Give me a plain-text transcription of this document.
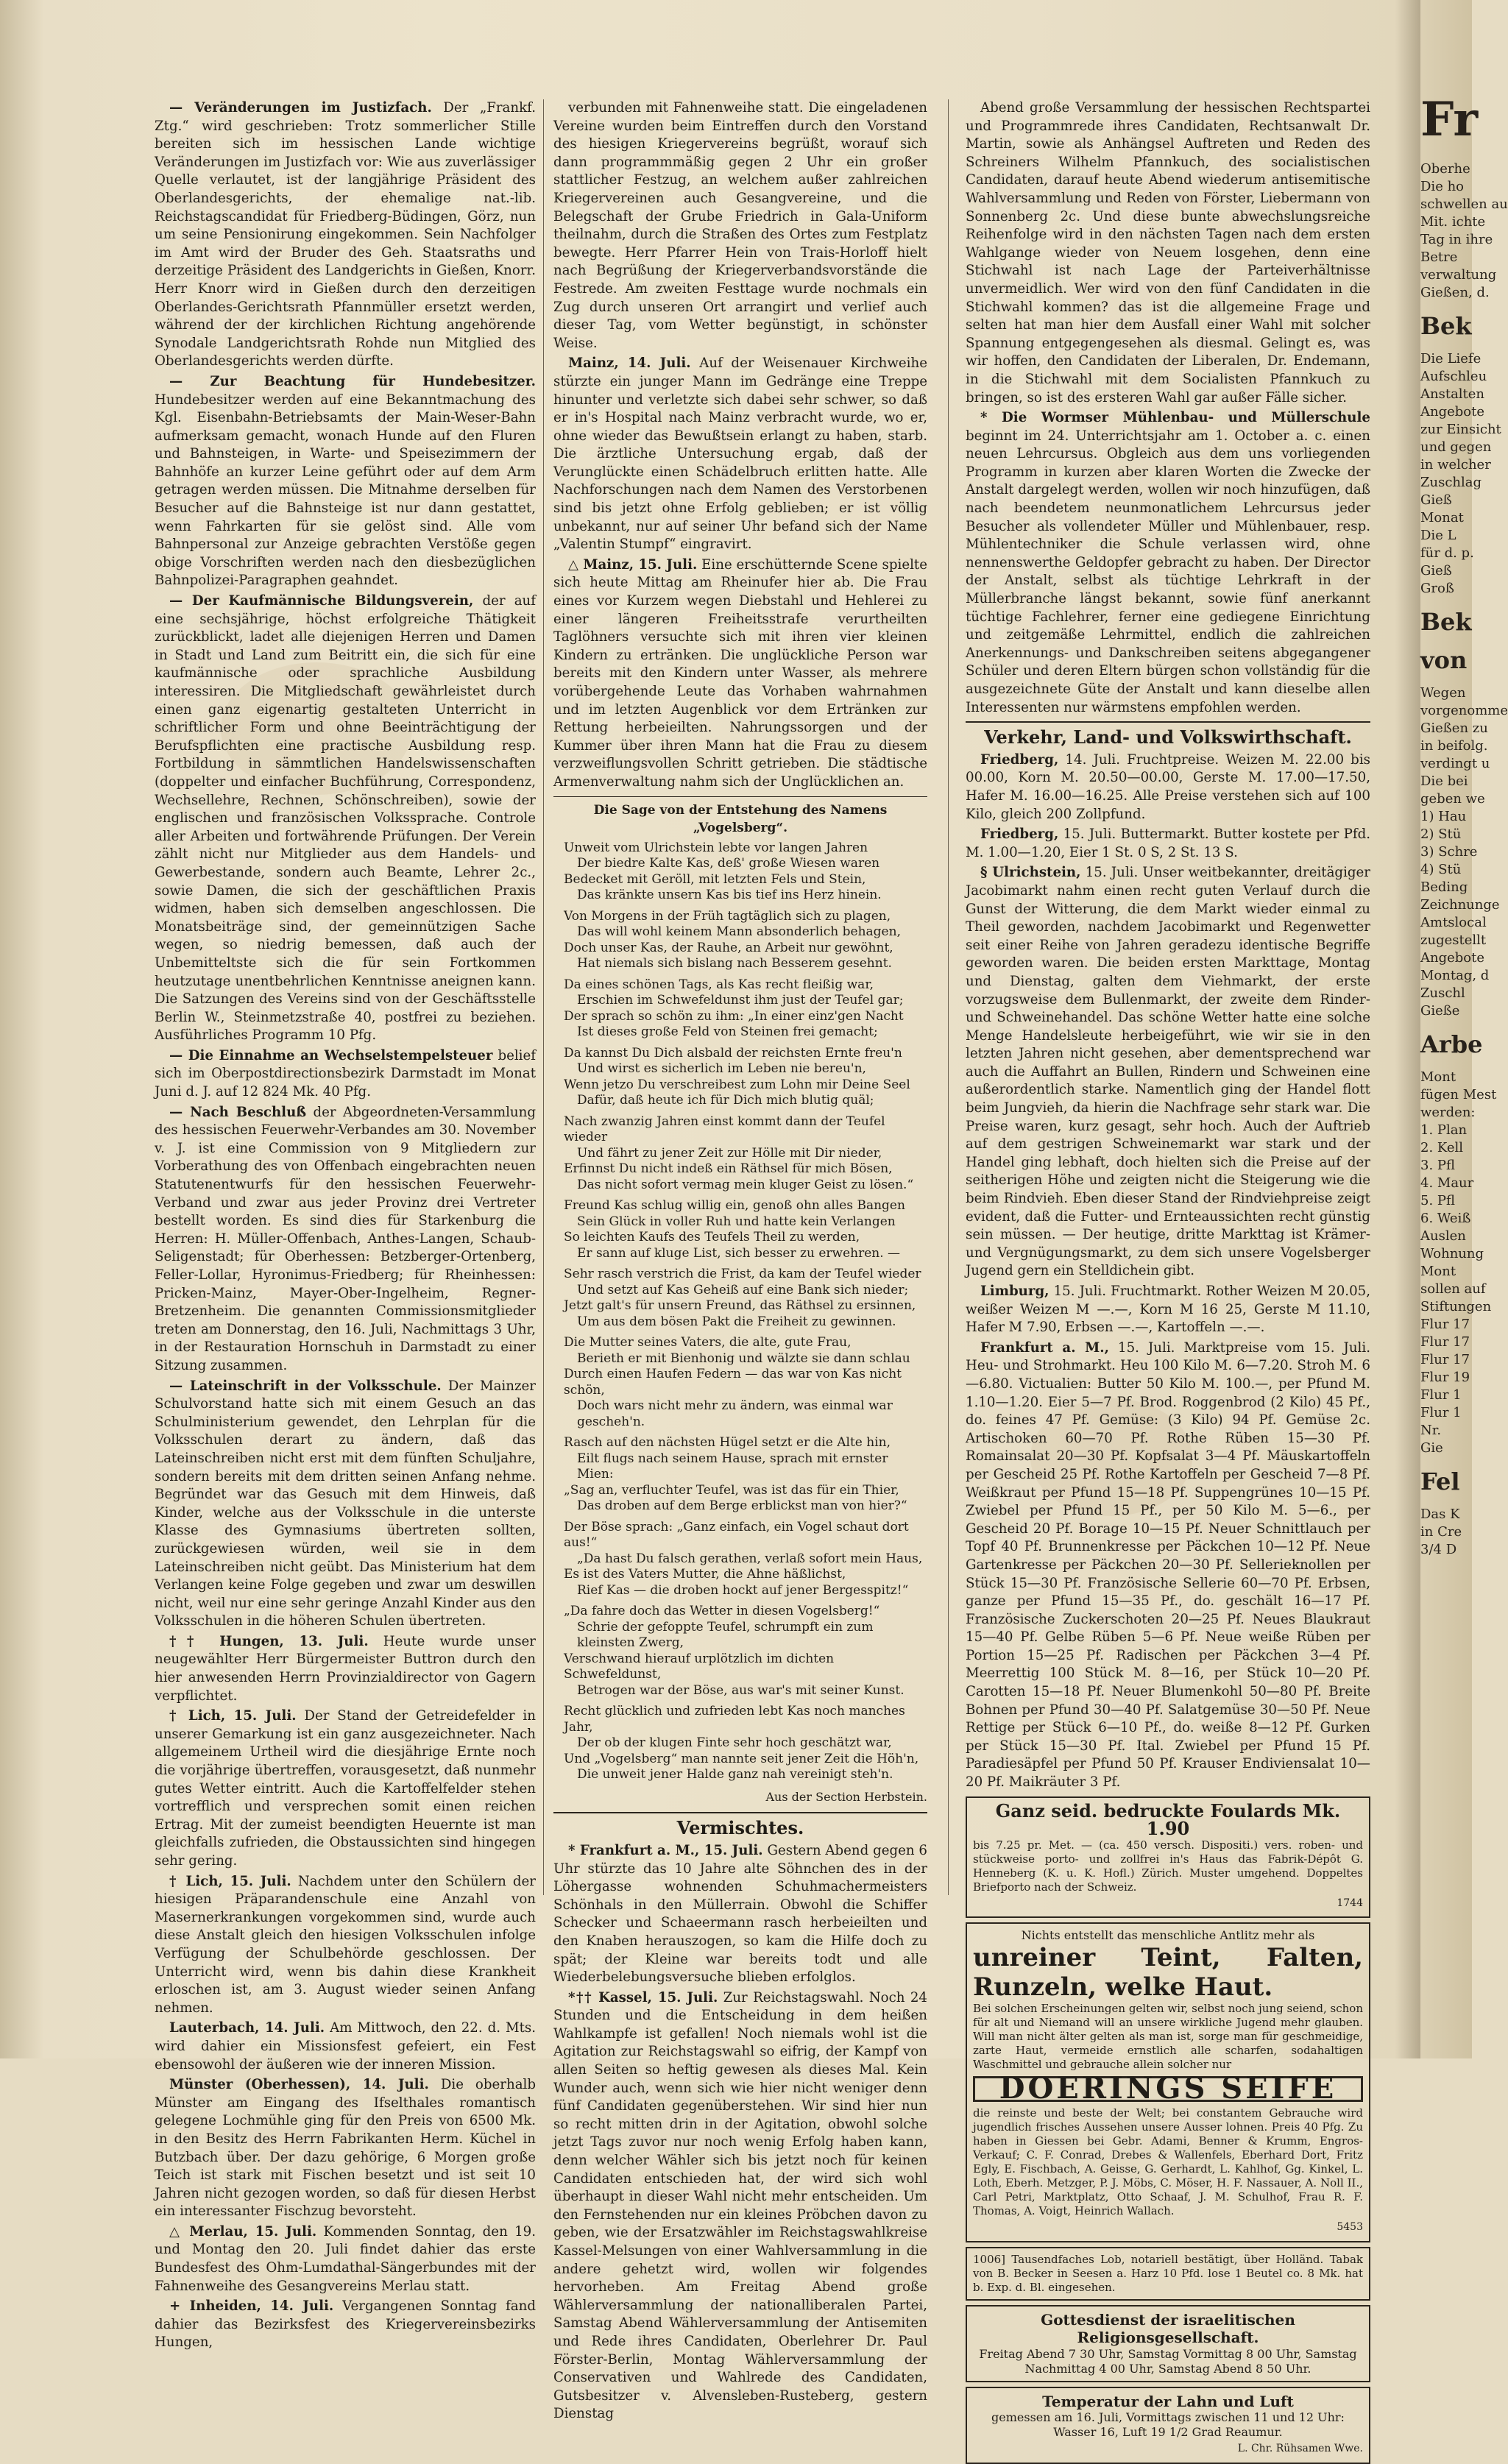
— Veränderungen im Justizfach. Der „Frankf. Ztg.“ wird geschrieben: Trotz sommerlicher Stille bereiten sich im hessischen Lande wichtige Veränderungen im Justizfach vor: Wie aus zuverlässiger Quelle verlautet, ist der langjährige Präsident des Oberlandesgerichts, der ehemalige nat.-lib. Reichstagscandidat für Friedberg-Büdingen, Görz, nun um seine Pensionirung eingekommen. Sein Nachfolger im Amt wird der Bruder des Geh. Staatsraths und derzeitige Präsident des Landgerichts in Gießen, Knorr. Herr Knorr wird in Gießen durch den derzeitigen Oberlandes-Gerichtsrath Pfannmüller ersetzt werden, während der der kirchlichen Richtung angehörende Synodale Landgerichtsrath Rohde nun Mitglied des Oberlandesgerichts werden dürfte.

— Zur Beachtung für Hundebesitzer. Hundebesitzer werden auf eine Bekanntmachung des Kgl. Eisenbahn-Betriebsamts der Main-Weser-Bahn aufmerksam gemacht, wonach Hunde auf den Fluren und Bahnsteigen, in Warte- und Speisezimmern der Bahnhöfe an kurzer Leine geführt oder auf dem Arm getragen werden müssen. Die Mitnahme derselben für Besucher auf die Bahnsteige ist nur dann gestattet, wenn Fahrkarten für sie gelöst sind. Alle vom Bahnpersonal zur Anzeige gebrachten Verstöße gegen obige Vorschriften werden nach den diesbezüglichen Bahnpolizei-Paragraphen geahndet.

— Der Kaufmännische Bildungsverein, der auf eine sechsjährige, höchst erfolgreiche Thätigkeit zurückblickt, ladet alle diejenigen Herren und Damen in Stadt und Land zum Beitritt ein, die sich für eine kaufmännische oder sprachliche Ausbildung interessiren. Die Mitgliedschaft gewährleistet durch einen ganz eigenartig gestalteten Unterricht in schriftlicher Form und ohne Beeinträchtigung der Berufspflichten eine practische Ausbildung resp. Fortbildung in sämmtlichen Handelswissenschaften (doppelter und einfacher Buchführung, Correspondenz, Wechsellehre, Rechnen, Schönschreiben), sowie der englischen und französischen Volkssprache. Controle aller Arbeiten und fortwährende Prüfungen. Der Verein zählt nicht nur Mitglieder aus dem Handels- und Gewerbestande, sondern auch Beamte, Lehrer 2c., sowie Damen, die sich der geschäftlichen Praxis widmen, haben sich demselben angeschlossen. Die Monatsbeiträge sind, der gemeinnützigen Sache wegen, so niedrig bemessen, daß auch der Unbemitteltste sich die für sein Fortkommen heutzutage unentbehrlichen Kenntnisse aneignen kann. Die Satzungen des Vereins sind von der Geschäftsstelle Berlin W., Steinmetzstraße 40, postfrei zu beziehen. Ausführliches Programm 10 Pfg.

— Die Einnahme an Wechselstempelsteuer belief sich im Oberpostdirectionsbezirk Darmstadt im Monat Juni d. J. auf 12 824 Mk. 40 Pfg.

— Nach Beschluß der Abgeordneten-Versammlung des hessischen Feuerwehr-Verbandes am 30. November v. J. ist eine Commission von 9 Mitgliedern zur Vorberathung des von Offenbach eingebrachten neuen Statutenentwurfs für den hessischen Feuerwehr-Verband und zwar aus jeder Provinz drei Vertreter bestellt worden. Es sind dies für Starkenburg die Herren: H. Müller-Offenbach, Anthes-Langen, Schaub-Seligenstadt; für Oberhessen: Betzberger-Ortenberg, Feller-Lollar, Hyronimus-Friedberg; für Rheinhessen: Pricken-Mainz, Mayer-Ober-Ingelheim, Regner-Bretzenheim. Die genannten Commissionsmitglieder treten am Donnerstag, den 16. Juli, Nachmittags 3 Uhr, in der Restauration Hornschuh in Darmstadt zu einer Sitzung zusammen.

— Lateinschrift in der Volksschule. Der Mainzer Schulvorstand hatte sich mit einem Gesuch an das Schulministerium gewendet, den Lehrplan für die Volksschulen derart zu ändern, daß das Lateinschreiben nicht erst mit dem fünften Schuljahre, sondern bereits mit dem dritten seinen Anfang nehme. Begründet war das Gesuch mit dem Hinweis, daß Kinder, welche aus der Volksschule in die unterste Klasse des Gymnasiums übertreten sollten, zurückgewiesen würden, weil sie in dem Lateinschreiben nicht geübt. Das Ministerium hat dem Verlangen keine Folge gegeben und zwar um deswillen nicht, weil nur eine sehr geringe Anzahl Kinder aus den Volksschulen in die höheren Schulen übertreten.

†† Hungen, 13. Juli. Heute wurde unser neugewählter Herr Bürgermeister Buttron durch den hier anwesenden Herrn Provinzialdirector von Gagern verpflichtet.

† Lich, 15. Juli. Der Stand der Getreidefelder in unserer Gemarkung ist ein ganz ausgezeichneter. Nach allgemeinem Urtheil wird die diesjährige Ernte noch die vorjährige übertreffen, vorausgesetzt, daß nunmehr gutes Wetter eintritt. Auch die Kartoffelfelder stehen vortrefflich und versprechen somit einen reichen Ertrag. Mit der zumeist beendigten Heuernte ist man gleichfalls zufrieden, die Obstaussichten sind hingegen sehr gering.

† Lich, 15. Juli. Nachdem unter den Schülern der hiesigen Präparandenschule eine Anzahl von Masernerkrankungen vorgekommen sind, wurde auch diese Anstalt gleich den hiesigen Volksschulen infolge Verfügung der Schulbehörde geschlossen. Der Unterricht wird, wenn bis dahin diese Krankheit erloschen ist, am 3. August wieder seinen Anfang nehmen.

Lauterbach, 14. Juli. Am Mittwoch, den 22. d. Mts. wird dahier ein Missionsfest gefeiert, ein Fest ebensowohl der äußeren wie der inneren Mission.

Münster (Oberhessen), 14. Juli. Die oberhalb Münster am Eingang des Ifselthales romantisch gelegene Lochmühle ging für den Preis von 6500 Mk. in den Besitz des Herrn Fabrikanten Herm. Küchel in Butzbach über. Der dazu gehörige, 6 Morgen große Teich ist stark mit Fischen besetzt und ist seit 10 Jahren nicht gezogen worden, so daß für diesen Herbst ein interessanter Fischzug bevorsteht.

△ Merlau, 15. Juli. Kommenden Sonntag, den 19. und Montag den 20. Juli findet dahier das erste Bundesfest des Ohm-Lumdathal-Sängerbundes mit der Fahnenweihe des Gesangvereins Merlau statt.

+ Inheiden, 14. Juli. Vergangenen Sonntag fand dahier das Bezirksfest des Kriegervereinsbezirks Hungen,

verbunden mit Fahnenweihe statt. Die eingeladenen Vereine wurden beim Eintreffen durch den Vorstand des hiesigen Kriegervereins begrüßt, worauf sich dann programmmäßig gegen 2 Uhr ein großer stattlicher Festzug, an welchem außer zahlreichen Kriegervereinen auch Gesangvereine, und die Belegschaft der Grube Friedrich in Gala-Uniform theilnahm, durch die Straßen des Ortes zum Festplatz bewegte. Herr Pfarrer Hein von Trais-Horloff hielt nach Begrüßung der Kriegerverbandsvorstände die Festrede. Am zweiten Festtage wurde nochmals ein Zug durch unseren Ort arrangirt und verlief auch dieser Tag, vom Wetter begünstigt, in schönster Weise.

Mainz, 14. Juli. Auf der Weisenauer Kirchweihe stürzte ein junger Mann im Gedränge eine Treppe hinunter und verletzte sich dabei sehr schwer, so daß er in's Hospital nach Mainz verbracht wurde, wo er, ohne wieder das Bewußtsein erlangt zu haben, starb. Die ärztliche Untersuchung ergab, daß der Verunglückte einen Schädelbruch erlitten hatte. Alle Nachforschungen nach dem Namen des Verstorbenen sind bis jetzt ohne Erfolg geblieben; er ist völlig unbekannt, nur auf seiner Uhr befand sich der Name „Valentin Stumpf“ eingravirt.

△ Mainz, 15. Juli. Eine erschütternde Scene spielte sich heute Mittag am Rheinufer hier ab. Die Frau eines vor Kurzem wegen Diebstahl und Hehlerei zu einer längeren Freiheitsstrafe verurtheilten Taglöhners versuchte sich mit ihren vier kleinen Kindern zu ertränken. Die unglückliche Person war bereits mit den Kindern unter Wasser, als mehrere vorübergehende Leute das Vorhaben wahrnahmen und im letzten Augenblick vor dem Ertränken zur Rettung herbeieilten. Nahrungssorgen und der Kummer über ihren Mann hat die Frau zu diesem verzweiflungsvollen Schritt getrieben. Die städtische Armenverwaltung nahm sich der Unglücklichen an.

Die Sage von der Entstehung des Namens „Vogelsberg“.
Unweit vom Ulrichstein lebte vor langen Jahren
Der biedre Kalte Kas, deß' große Wiesen waren
Bedecket mit Geröll, mit letzten Fels und Stein,
Das kränkte unsern Kas bis tief ins Herz hinein.
Von Morgens in der Früh tagtäglich sich zu plagen,
Das will wohl keinem Mann absonderlich behagen,
Doch unser Kas, der Rauhe, an Arbeit nur gewöhnt,
Hat niemals sich bislang nach Besserem gesehnt.
Da eines schönen Tags, als Kas recht fleißig war,
Erschien im Schwefeldunst ihm just der Teufel gar;
Der sprach so schön zu ihm: „In einer einz'gen Nacht
Ist dieses große Feld von Steinen frei gemacht;
Da kannst Du Dich alsbald der reichsten Ernte freu'n
Und wirst es sicherlich im Leben nie bereu'n,
Wenn jetzo Du verschreibest zum Lohn mir Deine Seel
Dafür, daß heute ich für Dich mich blutig quäl;
Nach zwanzig Jahren einst kommt dann der Teufel wieder
Und fährt zu jener Zeit zur Hölle mit Dir nieder,
Erfinnst Du nicht indeß ein Räthsel für mich Bösen,
Das nicht sofort vermag mein kluger Geist zu lösen.“
Freund Kas schlug willig ein, genoß ohn alles Bangen
Sein Glück in voller Ruh und hatte kein Verlangen
So leichten Kaufs des Teufels Theil zu werden,
Er sann auf kluge List, sich besser zu erwehren. —
Sehr rasch verstrich die Frist, da kam der Teufel wieder
Und setzt auf Kas Geheiß auf eine Bank sich nieder;
Jetzt galt's für unsern Freund, das Räthsel zu ersinnen,
Um aus dem bösen Pakt die Freiheit zu gewinnen.
Die Mutter seines Vaters, die alte, gute Frau,
Berieth er mit Bienhonig und wälzte sie dann schlau
Durch einen Haufen Federn — das war von Kas nicht schön,
Doch wars nicht mehr zu ändern, was einmal war gescheh'n.
Rasch auf den nächsten Hügel setzt er die Alte hin,
Eilt flugs nach seinem Hause, sprach mit ernster Mien:
„Sag an, verfluchter Teufel, was ist das für ein Thier,
Das droben auf dem Berge erblickst man von hier?“
Der Böse sprach: „Ganz einfach, ein Vogel schaut dort aus!“
„Da hast Du falsch gerathen, verlaß sofort mein Haus,
Es ist des Vaters Mutter, die Ahne häßlichst,
Rief Kas — die droben hockt auf jener Bergesspitz!“
„Da fahre doch das Wetter in diesen Vogelsberg!“
Schrie der gefoppte Teufel, schrumpft ein zum kleinsten Zwerg,
Verschwand hierauf urplötzlich im dichten Schwefeldunst,
Betrogen war der Böse, aus war's mit seiner Kunst.
Recht glücklich und zufrieden lebt Kas noch manches Jahr,
Der ob der klugen Finte sehr hoch geschätzt war,
Und „Vogelsberg“ man nannte seit jener Zeit die Höh'n,
Die unweit jener Halde ganz nah vereinigt steh'n.
Aus der Section Herbstein.
Vermischtes.

* Frankfurt a. M., 15. Juli. Gestern Abend gegen 6 Uhr stürzte das 10 Jahre alte Söhnchen des in der Löhergasse wohnenden Schuhmachermeisters Schönhals in den Müllerrain. Obwohl die Schiffer Schecker und Schaeermann rasch herbeieilten und den Knaben herauszogen, so kam die Hilfe doch zu spät; der Kleine war bereits todt und alle Wiederbelebungsversuche blieben erfolglos.

*†† Kassel, 15. Juli. Zur Reichstagswahl. Noch 24 Stunden und die Entscheidung in dem heißen Wahlkampfe ist gefallen! Noch niemals wohl ist die Agitation zur Reichstagswahl so eifrig, der Kampf von allen Seiten so heftig gewesen als dieses Mal. Kein Wunder auch, wenn sich wie hier nicht weniger denn fünf Candidaten gegenüberstehen. Wir sind hier nun so recht mitten drin in der Agitation, obwohl solche jetzt Tags zuvor nur noch wenig Erfolg haben kann, denn welcher Wähler sich bis jetzt noch für keinen Candidaten entschieden hat, der wird sich wohl überhaupt in dieser Wahl nicht mehr entscheiden. Um den Fernstehenden nur ein kleines Pröbchen davon zu geben, wie der Ersatzwähler im Reichstagswahlkreise Kassel-Melsungen von einer Wahlversammlung in die andere gehetzt wird, wollen wir folgendes hervorheben. Am Freitag Abend große Wählerversammlung der nationalliberalen Partei, Samstag Abend Wählerversammlung der Antisemiten und Rede ihres Candidaten, Oberlehrer Dr. Paul Förster-Berlin, Montag Wählerversammlung der Conservativen und Wahlrede des Candidaten, Gutsbesitzer v. Alvensleben-Rusteberg, gestern Dienstag

Abend große Versammlung der hessischen Rechtspartei und Programmrede ihres Candidaten, Rechtsanwalt Dr. Martin, sowie als Anhängsel Auftreten und Reden des Schreiners Wilhelm Pfannkuch, des socialistischen Candidaten, darauf heute Abend wiederum antisemitische Wahlversammlung und Reden von Förster, Liebermann von Sonnenberg 2c. Und diese bunte abwechslungsreiche Reihenfolge wird in den nächsten Tagen nach dem ersten Wahlgange wieder von Neuem losgehen, denn eine Stichwahl ist nach Lage der Parteiverhältnisse unvermeidlich. Wer wird von den fünf Candidaten in die Stichwahl kommen? das ist die allgemeine Frage und selten hat man hier dem Ausfall einer Wahl mit solcher Spannung entgegengesehen als diesmal. Gelingt es, was wir hoffen, den Candidaten der Liberalen, Dr. Endemann, in die Stichwahl mit dem Socialisten Pfannkuch zu bringen, so ist des ersteren Wahl gar außer Fälle sicher.

* Die Wormser Mühlenbau- und Müllerschule beginnt im 24. Unterrichtsjahr am 1. October a. c. einen neuen Lehrcursus. Obgleich aus dem uns vorliegenden Programm in kurzen aber klaren Worten die Zwecke der Anstalt dargelegt werden, wollen wir noch hinzufügen, daß nach beendetem neunmonatlichem Lehrcursus jeder Besucher als vollendeter Müller und Mühlenbauer, resp. Mühlentechniker die Schule verlassen wird, ohne nennenswerthe Geldopfer gebracht zu haben. Der Director der Anstalt, selbst als tüchtige Lehrkraft in der Müllerbranche längst bekannt, sowie fünf anerkannt tüchtige Fachlehrer, ferner eine gediegene Einrichtung und zeitgemäße Lehrmittel, endlich die zahlreichen Anerkennungs- und Dankschreiben seitens abgegangener Schüler und deren Eltern bürgen schon vollständig für die ausgezeichnete Güte der Anstalt und kann dieselbe allen Interessenten nur wärmstens empfohlen werden.

Verkehr, Land- und Volkswirthschaft.

Friedberg, 14. Juli. Fruchtpreise. Weizen M. 22.00 bis 00.00, Korn M. 20.50—00.00, Gerste M. 17.00—17.50, Hafer M. 16.00—16.25. Alle Preise verstehen sich auf 100 Kilo, gleich 200 Zollpfund.

Friedberg, 15. Juli. Buttermarkt. Butter kostete per Pfd. M. 1.00—1.20, Eier 1 St. 0 S, 2 St. 13 S.

§ Ulrichstein, 15. Juli. Unser weitbekannter, dreitägiger Jacobimarkt nahm einen recht guten Verlauf durch die Gunst der Witterung, die dem Markt wieder einmal zu Theil geworden, nachdem Jacobimarkt und Regenwetter seit einer Reihe von Jahren geradezu identische Begriffe geworden waren. Die beiden ersten Markttage, Montag und Dienstag, galten dem Viehmarkt, der erste vorzugsweise dem Bullenmarkt, der zweite dem Rinder- und Schweinehandel. Das schöne Wetter hatte eine solche Menge Handelsleute herbeigeführt, wie wir sie in den letzten Jahren nicht gesehen, aber dementsprechend war auch die Auffahrt an Bullen, Rindern und Schweinen eine außerordentlich starke. Namentlich ging der Handel flott beim Jungvieh, da hierin die Nachfrage sehr stark war. Die Preise waren, kurz gesagt, sehr hoch. Auch der Auftrieb auf dem gestrigen Schweinemarkt war stark und der Handel ging lebhaft, doch hielten sich die Preise auf der seitherigen Höhe und zeigten nicht die Steigerung wie die beim Rindvieh. Eben dieser Stand der Rindviehpreise zeigt evident, daß die Futter- und Ernteaussichten recht günstig sein müssen. — Der heutige, dritte Markttag ist Krämer- und Vergnügungsmarkt, zu dem sich unsere Vogelsberger Jugend gern ein Stelldichein gibt.

Limburg, 15. Juli. Fruchtmarkt. Rother Weizen M 20.05, weißer Weizen M —.—, Korn M 16 25, Gerste M 11.10, Hafer M 7.90, Erbsen —.—, Kartoffeln —.—.

Frankfurt a. M., 15. Juli. Marktpreise vom 15. Juli. Heu- und Strohmarkt. Heu 100 Kilo M. 6—7.20. Stroh M. 6—6.80. Victualien: Butter 50 Kilo M. 100.—, per Pfund M. 1.10—1.20. Eier 5—7 Pf. Brod. Roggenbrod (2 Kilo) 45 Pf., do. feines 47 Pf. Gemüse: (3 Kilo) 94 Pf. Gemüse 2c. Artischoken 60—70 Pf. Rothe Rüben 15—30 Pf. Romainsalat 20—30 Pf. Kopfsalat 3—4 Pf. Mäuskartoffeln per Gescheid 25 Pf. Rothe Kartoffeln per Gescheid 7—8 Pf. Weißkraut per Pfund 15—18 Pf. Suppengrünes 10—15 Pf. Zwiebel per Pfund 15 Pf., per 50 Kilo M. 5—6., per Gescheid 20 Pf. Borage 10—15 Pf. Neuer Schnittlauch per Topf 40 Pf. Brunnenkresse per Päckchen 10—12 Pf. Neue Gartenkresse per Päckchen 20—30 Pf. Sellerieknollen per Stück 15—30 Pf. Französische Sellerie 60—70 Pf. Erbsen, ganze per Pfund 15—35 Pf., do. geschält 16—17 Pf. Französische Zuckerschoten 20—25 Pf. Neues Blaukraut 15—40 Pf. Gelbe Rüben 5—6 Pf. Neue weiße Rüben per Portion 15—25 Pf. Radischen per Päckchen 3—4 Pf. Meerrettig 100 Stück M. 8—16, per Stück 10—20 Pf. Carotten 15—18 Pf. Neuer Blumenkohl 50—80 Pf. Breite Bohnen per Pfund 30—40 Pf. Salatgemüse 30—50 Pf. Neue Rettige per Stück 6—10 Pf., do. weiße 8—12 Pf. Gurken per Stück 15—30 Pf. Ital. Zwiebel per Pfund 15 Pf. Paradiesäpfel per Pfund 50 Pf. Krauser Endiviensalat 10—20 Pf. Maikräuter 3 Pf.

Ganz seid. bedruckte Foulards Mk. 1.90
bis 7.25 pr. Met. — (ca. 450 versch. Dispositi.) vers. roben- und stückweise porto- und zollfrei in's Haus das Fabrik-Dépôt G. Henneberg (K. u. K. Hofl.) Zürich. Muster umgehend. Doppeltes Briefporto nach der Schweiz.
1744
Nichts entstellt das menschliche Antlitz mehr als
unreiner Teint, Falten, Runzeln, welke Haut.
Bei solchen Erscheinungen gelten wir, selbst noch jung seiend, schon für alt und Niemand will an unsere wirkliche Jugend mehr glauben. Will man nicht älter gelten als man ist, sorge man für geschmeidige, zarte Haut, vermeide ernstlich alle scharfen, sodahaltigen Waschmittel und gebrauche allein solcher nur
DOERINGS SEIFE
die reinste und beste der Welt; bei constantem Gebrauche wird jugendlich frisches Aussehen unsere Ausser lohnen. Preis 40 Pfg. Zu haben in Giessen bei Gebr. Adami, Benner & Krumm, Engros-Verkauf; C. F. Conrad, Drebes & Wallenfels, Eberhard Dort, Fritz Egly, E. Fischbach, A. Geisse, G. Gerhardt, L. Kahlhof, Gg. Kinkel, L. Loth, Eberh. Metzger, P. J. Möbs, C. Möser, H. F. Nassauer, A. Noll II., Carl Petri, Marktplatz, Otto Schaaf, J. M. Schulhof, Frau R. F. Thomas, A. Voigt, Heinrich Wallach.
5453
1006] Tausendfaches Lob, notariell bestätigt, über Holländ. Tabak von B. Becker in Seesen a. Harz 10 Pfd. lose 1 Beutel co. 8 Mk. hat b. Exp. d. Bl. eingesehen.
Gottesdienst der israelitischen Religionsgesellschaft.
Freitag Abend 7 30 Uhr, Samstag Vormittag 8 00 Uhr, Samstag Nachmittag 4 00 Uhr, Samstag Abend 8 50 Uhr.
Temperatur der Lahn und Luft
gemessen am 16. Juli, Vormittags zwischen 11 und 12 Uhr: Wasser 16, Luft 19 1/2 Grad Reaumur.
L. Chr. Rühsamen Wwe.
Fr
Oberhe
Die ho
schwellen au
Mit. ichte
Tag in ihre
Betre
verwaltung
Gießen, d.
Bek
Die Liefe
Aufschleu
Anstalten
Angebote
zur Einsicht
und gegen
in welcher
Zuschlag
Gieß
Monat
Die L
für d. p.
Gieß
Groß
Bek
von
Wegen
vorgenomme
Gießen zu
in beifolg.
verdingt u
Die bei
geben we
1) Hau
2) Stü
3) Schre
4) Stü
Beding
Zeichnunge
Amtslocal
zugestellt
Angebote
Montag, d
Zuschl
Gieße
Arbe
Mont
fügen Mest
werden:
1. Plan
2. Kell
3. Pfl
4. Maur
5. Pfl
6. Weiß
Auslen
Wohnung
Mont
sollen auf
Stiftungen
Flur 17
Flur 17
Flur 17
Flur 19
Flur 1
Flur 1
Nr.
Gie
Fel
Das K
in Cre
3/4 D
